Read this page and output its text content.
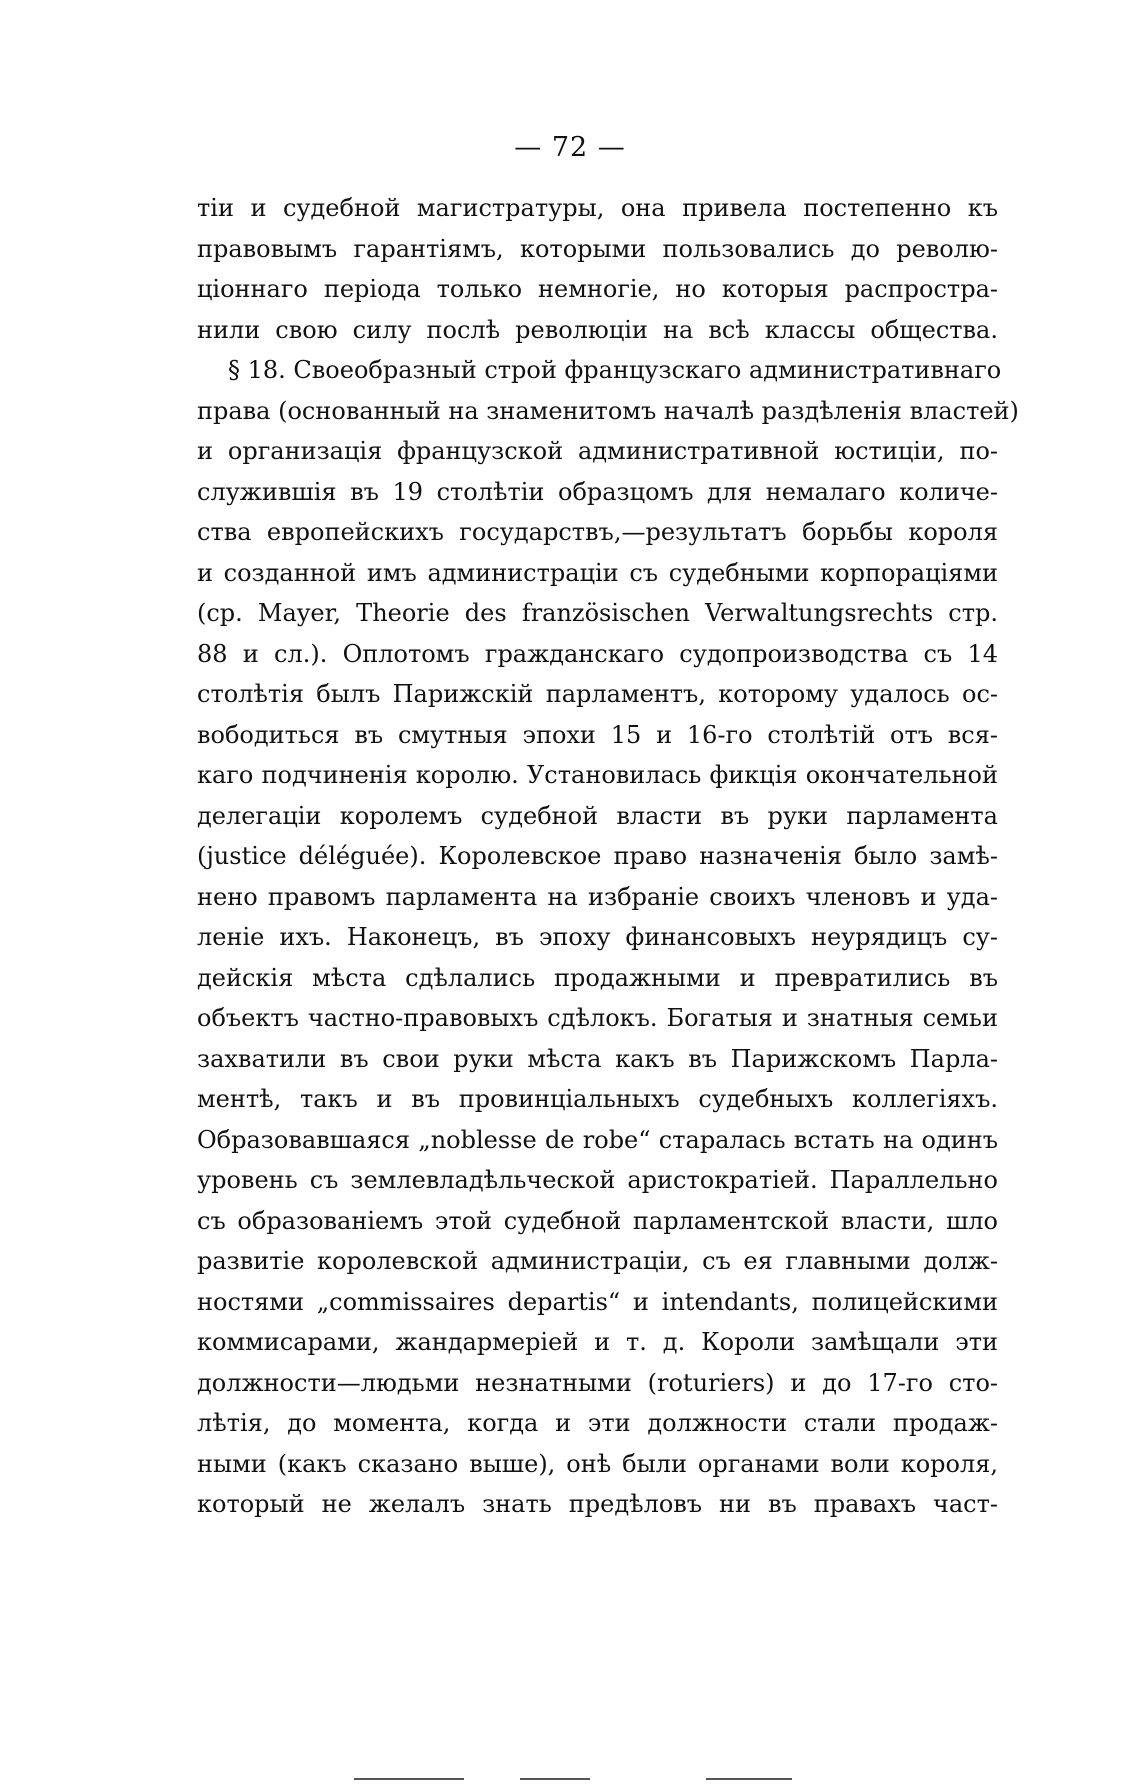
— 72 —
тіи и судебной магистратуры, она привела постепенно къ
правовымъ гарантіямъ, которыми пользовались до револю-
ціоннаго періода только немногіе, но которыя распростра-
нили свою силу послѣ революціи на всѣ классы общества.
§ 18. Своеобразный строй французскаго административнаго
права (основанный на знаменитомъ началѣ раздѣленія властей)
и организація французской административной юстиціи, по-
служившія въ 19 столѣтіи образцомъ для немалаго количе-
ства европейскихъ государствъ,—результатъ борьбы короля
и созданной имъ администраціи съ судебными корпораціями
(ср. Mayer, Theorie des französischen Verwaltungsrechts стр.
88 и сл.). Оплотомъ гражданскаго судопроизводства съ 14
столѣтія былъ Парижскій парламентъ, которому удалось ос-
вободиться въ смутныя эпохи 15 и 16-го столѣтій отъ вся-
каго подчиненія королю. Установилась фикція окончательной
делегаціи королемъ судебной власти въ руки парламента
(justice déléguée). Королевское право назначенія было замѣ-
нено правомъ парламента на избраніе своихъ членовъ и уда-
леніе ихъ. Наконецъ, въ эпоху финансовыхъ неурядицъ су-
дейскія мѣста сдѣлались продажными и превратились въ
объектъ частно-правовыхъ сдѣлокъ. Богатыя и знатныя семьи
захватили въ свои руки мѣста какъ въ Парижскомъ Парла-
ментѣ, такъ и въ провинціальныхъ судебныхъ коллегіяхъ.
Образовавшаяся „noblesse de robe“ старалась встать на одинъ
уровень съ землевладѣльческой аристократіей. Параллельно
съ образованіемъ этой судебной парламентской власти, шло
развитіе королевской администраціи, съ ея главными долж-
ностями „commissaires departis“ и intendants, полицейскими
коммисарами, жандармеріей и т. д. Короли замѣщали эти
должности—людьми незнатными (roturiers) и до 17-го сто-
лѣтія, до момента, когда и эти должности стали продаж-
ными (какъ сказано выше), онѣ были органами воли короля,
который не желалъ знать предѣловъ ни въ правахъ част-
